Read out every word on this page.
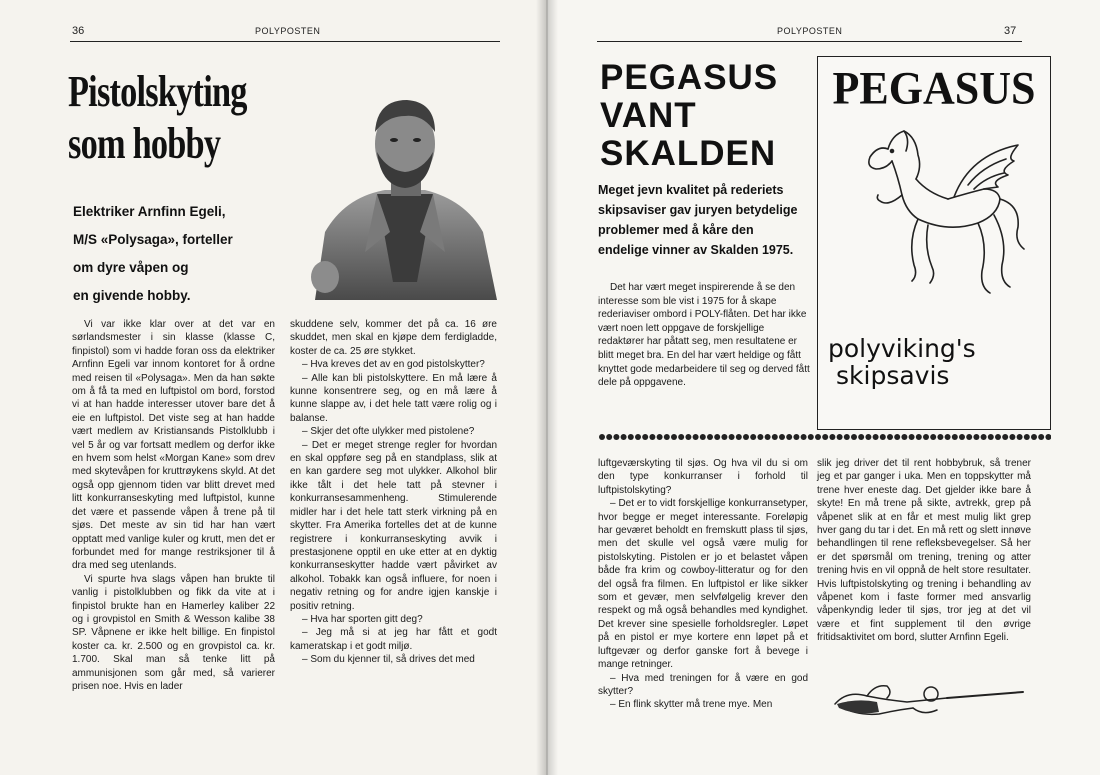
36	POLYPOSTEN
Pistolskyting
som hobby
Elektriker Arnfinn Egeli,
M/S «Polysaga», forteller
om dyre våpen og
en givende hobby.

Vi var ikke klar over at det var en sørlandsmester i sin klasse (klasse C, finpistol) som vi hadde foran oss da elektriker Arnfinn Egeli var innom kontoret for å ordne med reisen til «Polysaga». Men da han søkte om å få ta med en luftpistol om bord, forstod vi at han hadde interesser utover bare det å eie en luftpistol. Det viste seg at han hadde vært medlem av Kristiansands Pistolklubb i vel 5 år og var fortsatt medlem og derfor ikke en hvem som helst «Morgan Kane» som drev med skytevåpen for kruttrøykens skyld. At det også opp gjennom tiden var blitt drevet med litt konkurranseskyting med luftpistol, kunne det være et passende våpen å trene på til sjøs. Det meste av sin tid har han vært opptatt med vanlige kuler og krutt, men det er forbundet med for mange restriksjoner til å dra med seg utenlands.

Vi spurte hva slags våpen han brukte til vanlig i pistolklubben og fikk da vite at i finpistol brukte han en Hamerley kaliber 22 og i grovpistol en Smith & Wesson kalibe 38 SP. Våpnene er ikke helt billige. En finpistol koster ca. kr. 2.500 og en grovpistol ca. kr. 1.700. Skal man så tenke litt på ammunisjonen som går med, så varierer prisen noe. Hvis en lader

skuddene selv, kommer det på ca. 16 øre skuddet, men skal en kjøpe dem ferdigladde, koster de ca. 25 øre stykket.

– Hva kreves det av en god pistolskytter?

– Alle kan bli pistolskyttere. En må lære å kunne konsentrere seg, og en må lære å kunne slappe av, i det hele tatt være rolig og i balanse.

– Skjer det ofte ulykker med pistolene?

– Det er meget strenge regler for hvordan en skal oppføre seg på en standplass, slik at en kan gardere seg mot ulykker. Alkohol blir ikke tålt i det hele tatt på stevner i konkurransesammenheng. Stimulerende midler har i det hele tatt sterk virkning på en skytter. Fra Amerika fortelles det at de kunne registrere i konkurranseskyting avvik i prestasjonene opptil en uke etter at en dyktig konkurranseskytter hadde vært påvirket av alkohol. Tobakk kan også influere, for noen i negativ retning og for andre igjen kanskje i positiv retning.

– Hva har sporten gitt deg?

– Jeg må si at jeg har fått et godt kameratskap i et godt miljø.

– Som du kjenner til, så drives det med

POLYPOSTEN	37
PEGASUS
VANT
SKALDEN
Meget jevn kvalitet på rederiets
skipsaviser gav juryen betydelige
problemer med å kåre den
endelige vinner av Skalden 1975.

Det har vært meget inspirerende å se den interesse som ble vist i 1975 for å skape rederiaviser ombord i POLY-flåten. Det har ikke vært noen lett oppgave de forskjellige redaktører har påtatt seg, men resultatene er blitt meget bra. En del har vært heldige og fått knyttet gode medarbeidere til seg og derved fått dele på oppgavene.

PEGASUS
polyviking's
skipsavis

luftgeværskyting til sjøs. Og hva vil du si om den type konkurranser i forhold til luftpistolskyting?

– Det er to vidt forskjellige konkurransetyper, hvor begge er meget interessante. Foreløpig har geværet beholdt en fremskutt plass til sjøs, men det skulle vel også være mulig for pistolskyting. Pistolen er jo et belastet våpen både fra krim og cowboy-litteratur og for den del også fra filmen. En luftpistol er like sikker som et gevær, men selvfølgelig krever den respekt og må også behandles med kyndighet. Det krever sine spesielle forholdsregler. Løpet på en pistol er mye kortere enn løpet på et luftgevær og derfor ganske fort å bevege i mange retninger.

– Hva med treningen for å være en god skytter?

– En flink skytter må trene mye. Men

slik jeg driver det til rent hobbybruk, så trener jeg et par ganger i uka. Men en toppskytter må trene hver eneste dag. Det gjelder ikke bare å skyte! En må trene på sikte, avtrekk, grep på våpenet slik at en får et mest mulig likt grep hver gang du tar i det. En må rett og slett innøve behandlingen til rene refleksbevegelser. Så her er det spørsmål om trening, trening og atter trening hvis en vil oppnå de helt store resultater. Hvis luftpistolskyting og trening i behandling av våpenet kom i faste former med ansvarlig våpenkyndig leder til sjøs, tror jeg at det vil være et fint supplement til den øvrige fritidsaktivitet om bord, slutter Arnfinn Egeli.
